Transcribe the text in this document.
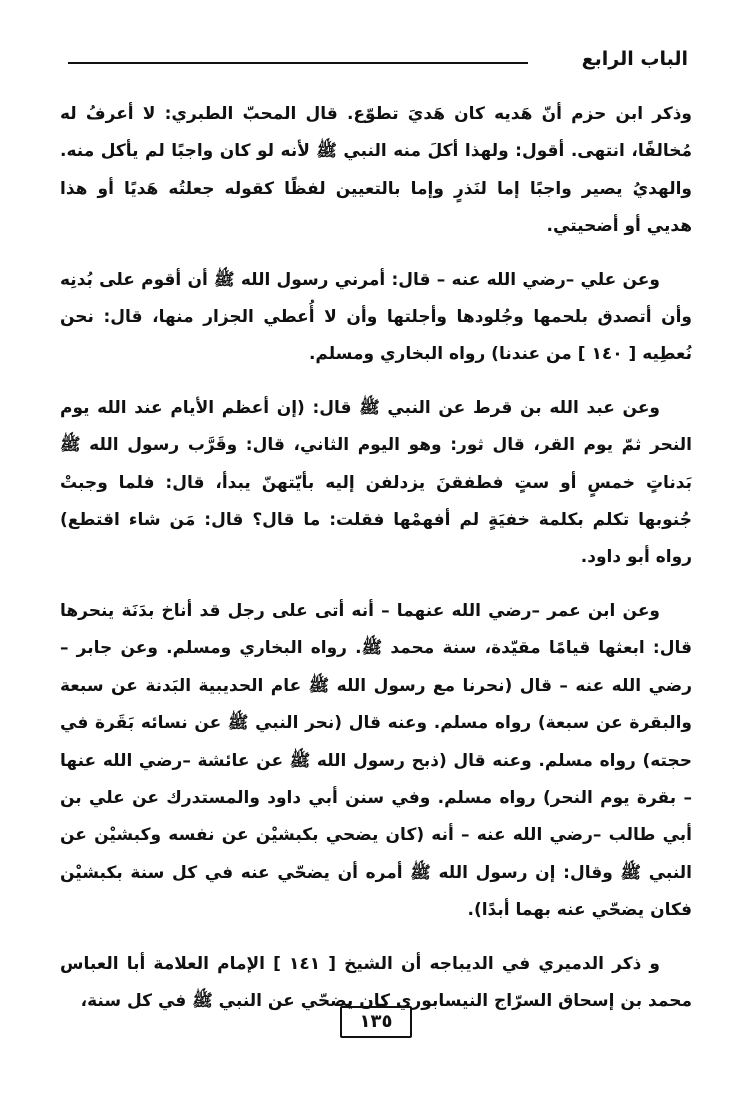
الباب الرابع

وذكر ابن حزم أنّ هَديه كان هَديَ تطوّع. قال المحبّ الطبري: لا أعرفُ له مُخالفًا، انتهى. أقول: ولهذا أكلَ منه النبي ﷺ لأنه لو كان واجبًا لم يأكل منه. والهديُ يصير واجبًا إما لنَذرٍ وإما بالتعيين لفظًا كقوله جعلتُه هَديًا أو هذا هديي أو أضحيتي.

وعن علي –رضي الله عنه – قال: أمرني رسول الله ﷺ أن أقوم على بُدنِه وأن أتصدق بلحمها وجُلودها وأجلتها وأن لا أُعطي الجزار منها، قال: نحن نُعطِيه [ ١٤٠ ] من عندنا) رواه البخاري ومسلم.

وعن عبد الله بن قرط عن النبي ﷺ قال: (إن أعظم الأيام عند الله يوم النحر ثمّ يوم القر، قال ثور: وهو اليوم الثاني، قال: وقَرَّب رسول الله ﷺ بَدناتٍ خمسٍ أو ستٍ فطفقنَ يزدلفن إليه بأيّتهنّ يبدأ، قال: فلما وجبتْ جُنوبها تكلم بكلمة خفيَةٍ لم أفهمْها فقلت: ما قال؟ قال: مَن شاء اقتطع) رواه أبو داود.

وعن ابن عمر –رضي الله عنهما – أنه أتى على رجل قد أناخ بدَنَة ينحرها قال: ابعثها قيامًا مقيّدة، سنة محمد ﷺ. رواه البخاري ومسلم. وعن جابر – رضي الله عنه – قال (نحرنا مع رسول الله ﷺ عام الحديبية البَدنة عن سبعة والبقرة عن سبعة) رواه مسلم. وعنه قال (نحر النبي ﷺ عن نسائه بَقَرة في حجته) رواه مسلم. وعنه قال (ذبح رسول الله ﷺ عن عائشة –رضي الله عنها – بقرة يوم النحر) رواه مسلم. وفي سنن أبي داود والمستدرك عن علي بن أبي طالب –رضي الله عنه – أنه (كان يضحي بكبشيْن عن نفسه وكبشيْن عن النبي ﷺ وقال: إن رسول الله ﷺ أمره أن يضحّي عنه في كل سنة بكبشيْن فكان يضحّي عنه بهما أبدًا).

و ذكر الدميري في الديباجه أن الشيخ [ ١٤١ ] الإمام العلامة أبا العباس محمد بن إسحاق السرّاج النيسابوري كان يضحّي عن النبي ﷺ في كل سنة،

١٣٥
